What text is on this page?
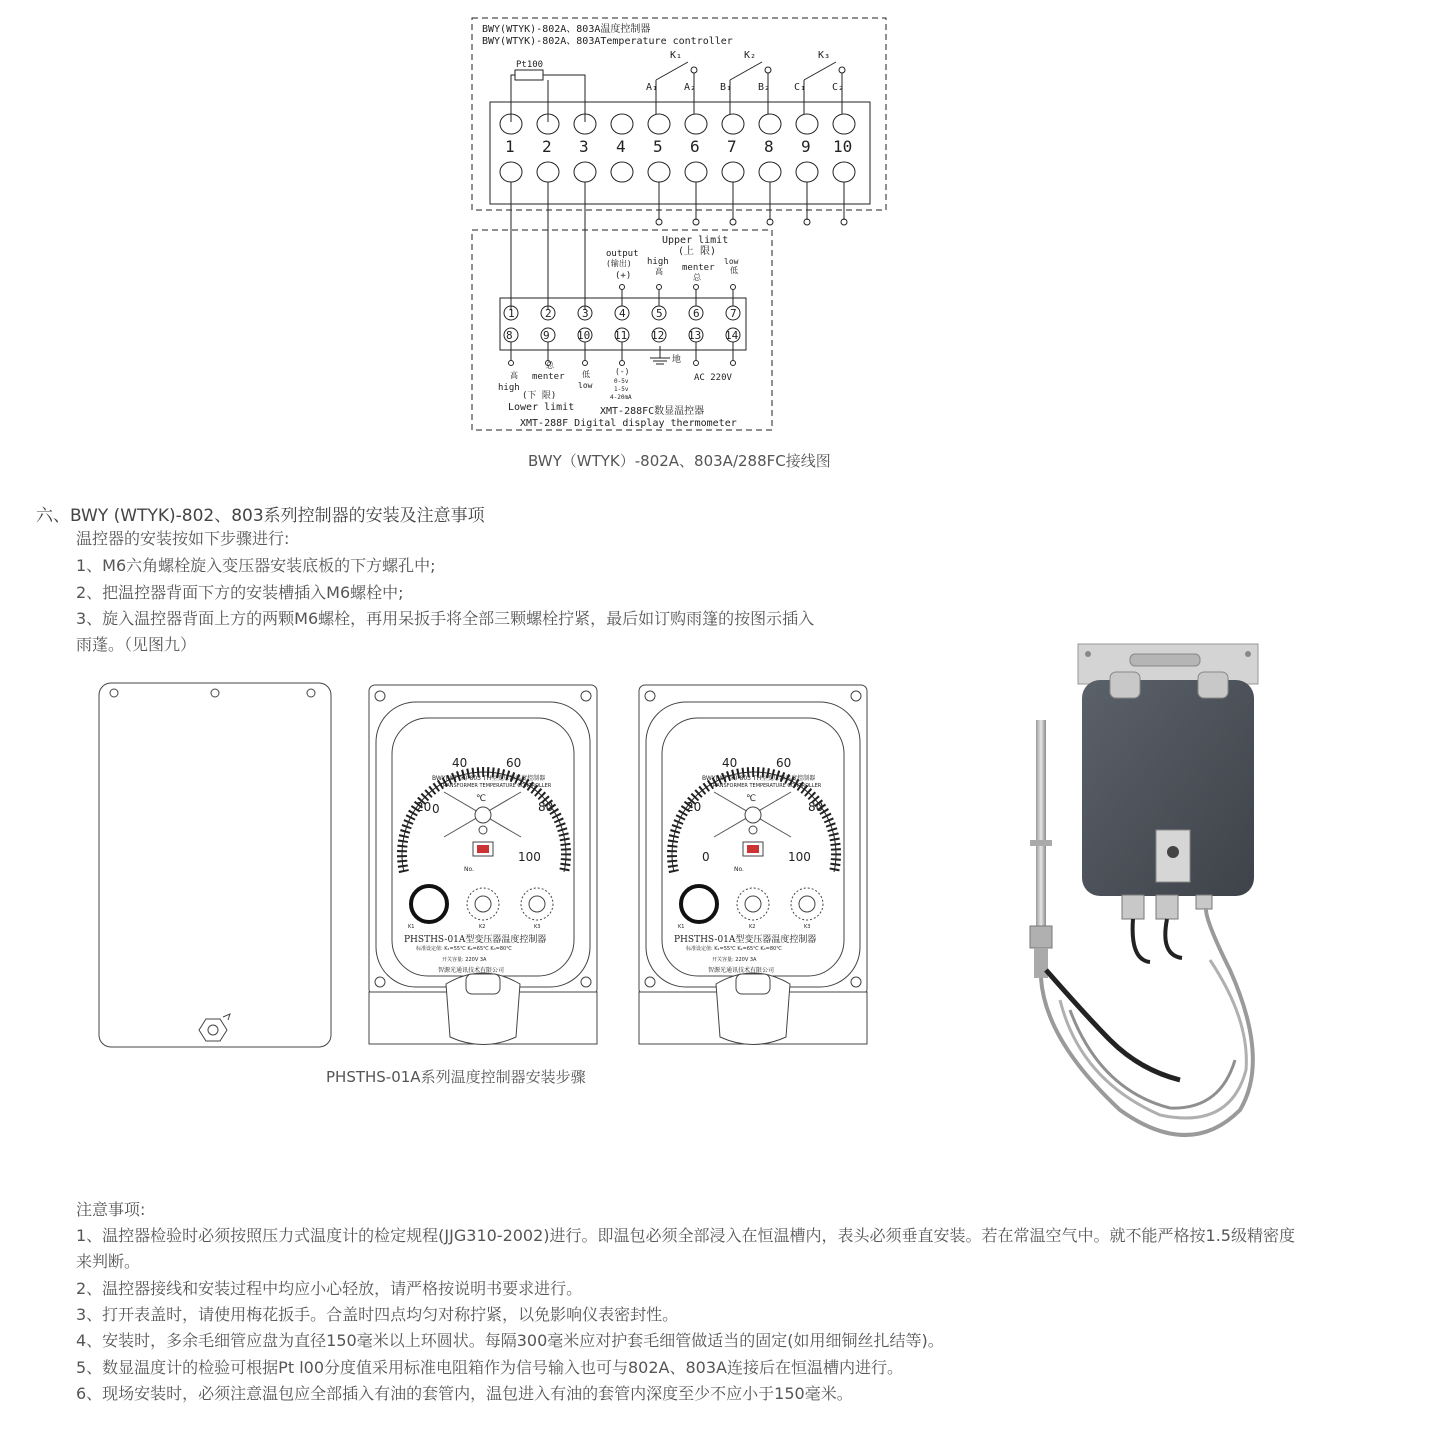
BWY(WTYK)-802A、803A温度控制器
BWY(WTYK)-802A、803ATemperature controller
Pt100
K₁	K₂	K₃
A₁	A₂ B₁	B₂ C₁	C₂
1 2 3 4 5 6 7 8 9 10
Upper limit
(上 限)
output
(输出)
(+)
high
高 menter
总
low
低
1	2	3	4	5	6	7
8	9 10 11 12 13 14
地
高
high
总
menter 低
low
(-)
0-5v
1-5v
4-20mA
AC 220V
(下 限)
Lower limit	XMT-288FC数显温控器
XMT-288F Digital display thermometer
BWY（WTYK）-802A、803A/288FC接线图
六、BWY (WTYK)-802、803系列控制器的安装及注意事项
温控器的安装按如下步骤进行:
1、M6六角螺栓旋入变压器安装底板的下方螺孔中;
2、把温控器背面下方的安装槽插入M6螺栓中;
3、旋入温控器背面上方的两颗M6螺栓，再用呆扳手将全部三颗螺栓拧紧，最后如订购雨篷的按图示插入
雨蓬。（见图九）
0
20
40	60
80
100
BWY(WTYK)-803 TH型变压器温度控制器
TRANSFORMER TEMPERATURE CONTROLLER
℃
No.
K1	K2	K3
PHSTHS-01A型变压器温度控制器
标准设定值: K₁=55℃ K₂=65℃ K₃=80℃
开关容量: 220V 3A
智源光通讯技术有限公司
0
20
40	60
80
100
BWY(WTYK)-803 TH型变压器温度控制器
TRANSFORMER TEMPERATURE CONTROLLER
℃
No.
K1	K2	K3
PHSTHS-01A型变压器温度控制器
标准设定值: K₁=55℃ K₂=65℃ K₃=80℃
开关容量: 220V 3A
智源光通讯技术有限公司
PHSTHS-01A系列温度控制器安装步骤
注意事项:
1、温控器检验时必须按照压力式温度计的检定规程(JJG310-2002)进行。即温包必须全部浸入在恒温槽内，表头必须垂直安装。若在常温空气中。就不能严格按1.5级精密度
来判断。
2、温控器接线和安装过程中均应小心轻放，请严格按说明书要求进行。
3、打开表盖时，请使用梅花扳手。合盖时四点均匀对称拧紧，以免影响仪表密封性。
4、安装时，多余毛细管应盘为直径150毫米以上环圆状。每隔300毫米应对护套毛细管做适当的固定(如用细铜丝扎结等)。
5、数显温度计的检验可根据Pt l00分度值采用标准电阻箱作为信号输入也可与802A、803A连接后在恒温槽内进行。
6、现场安装时，必须注意温包应全部插入有油的套管内，温包进入有油的套管内深度至少不应小于150毫米。
